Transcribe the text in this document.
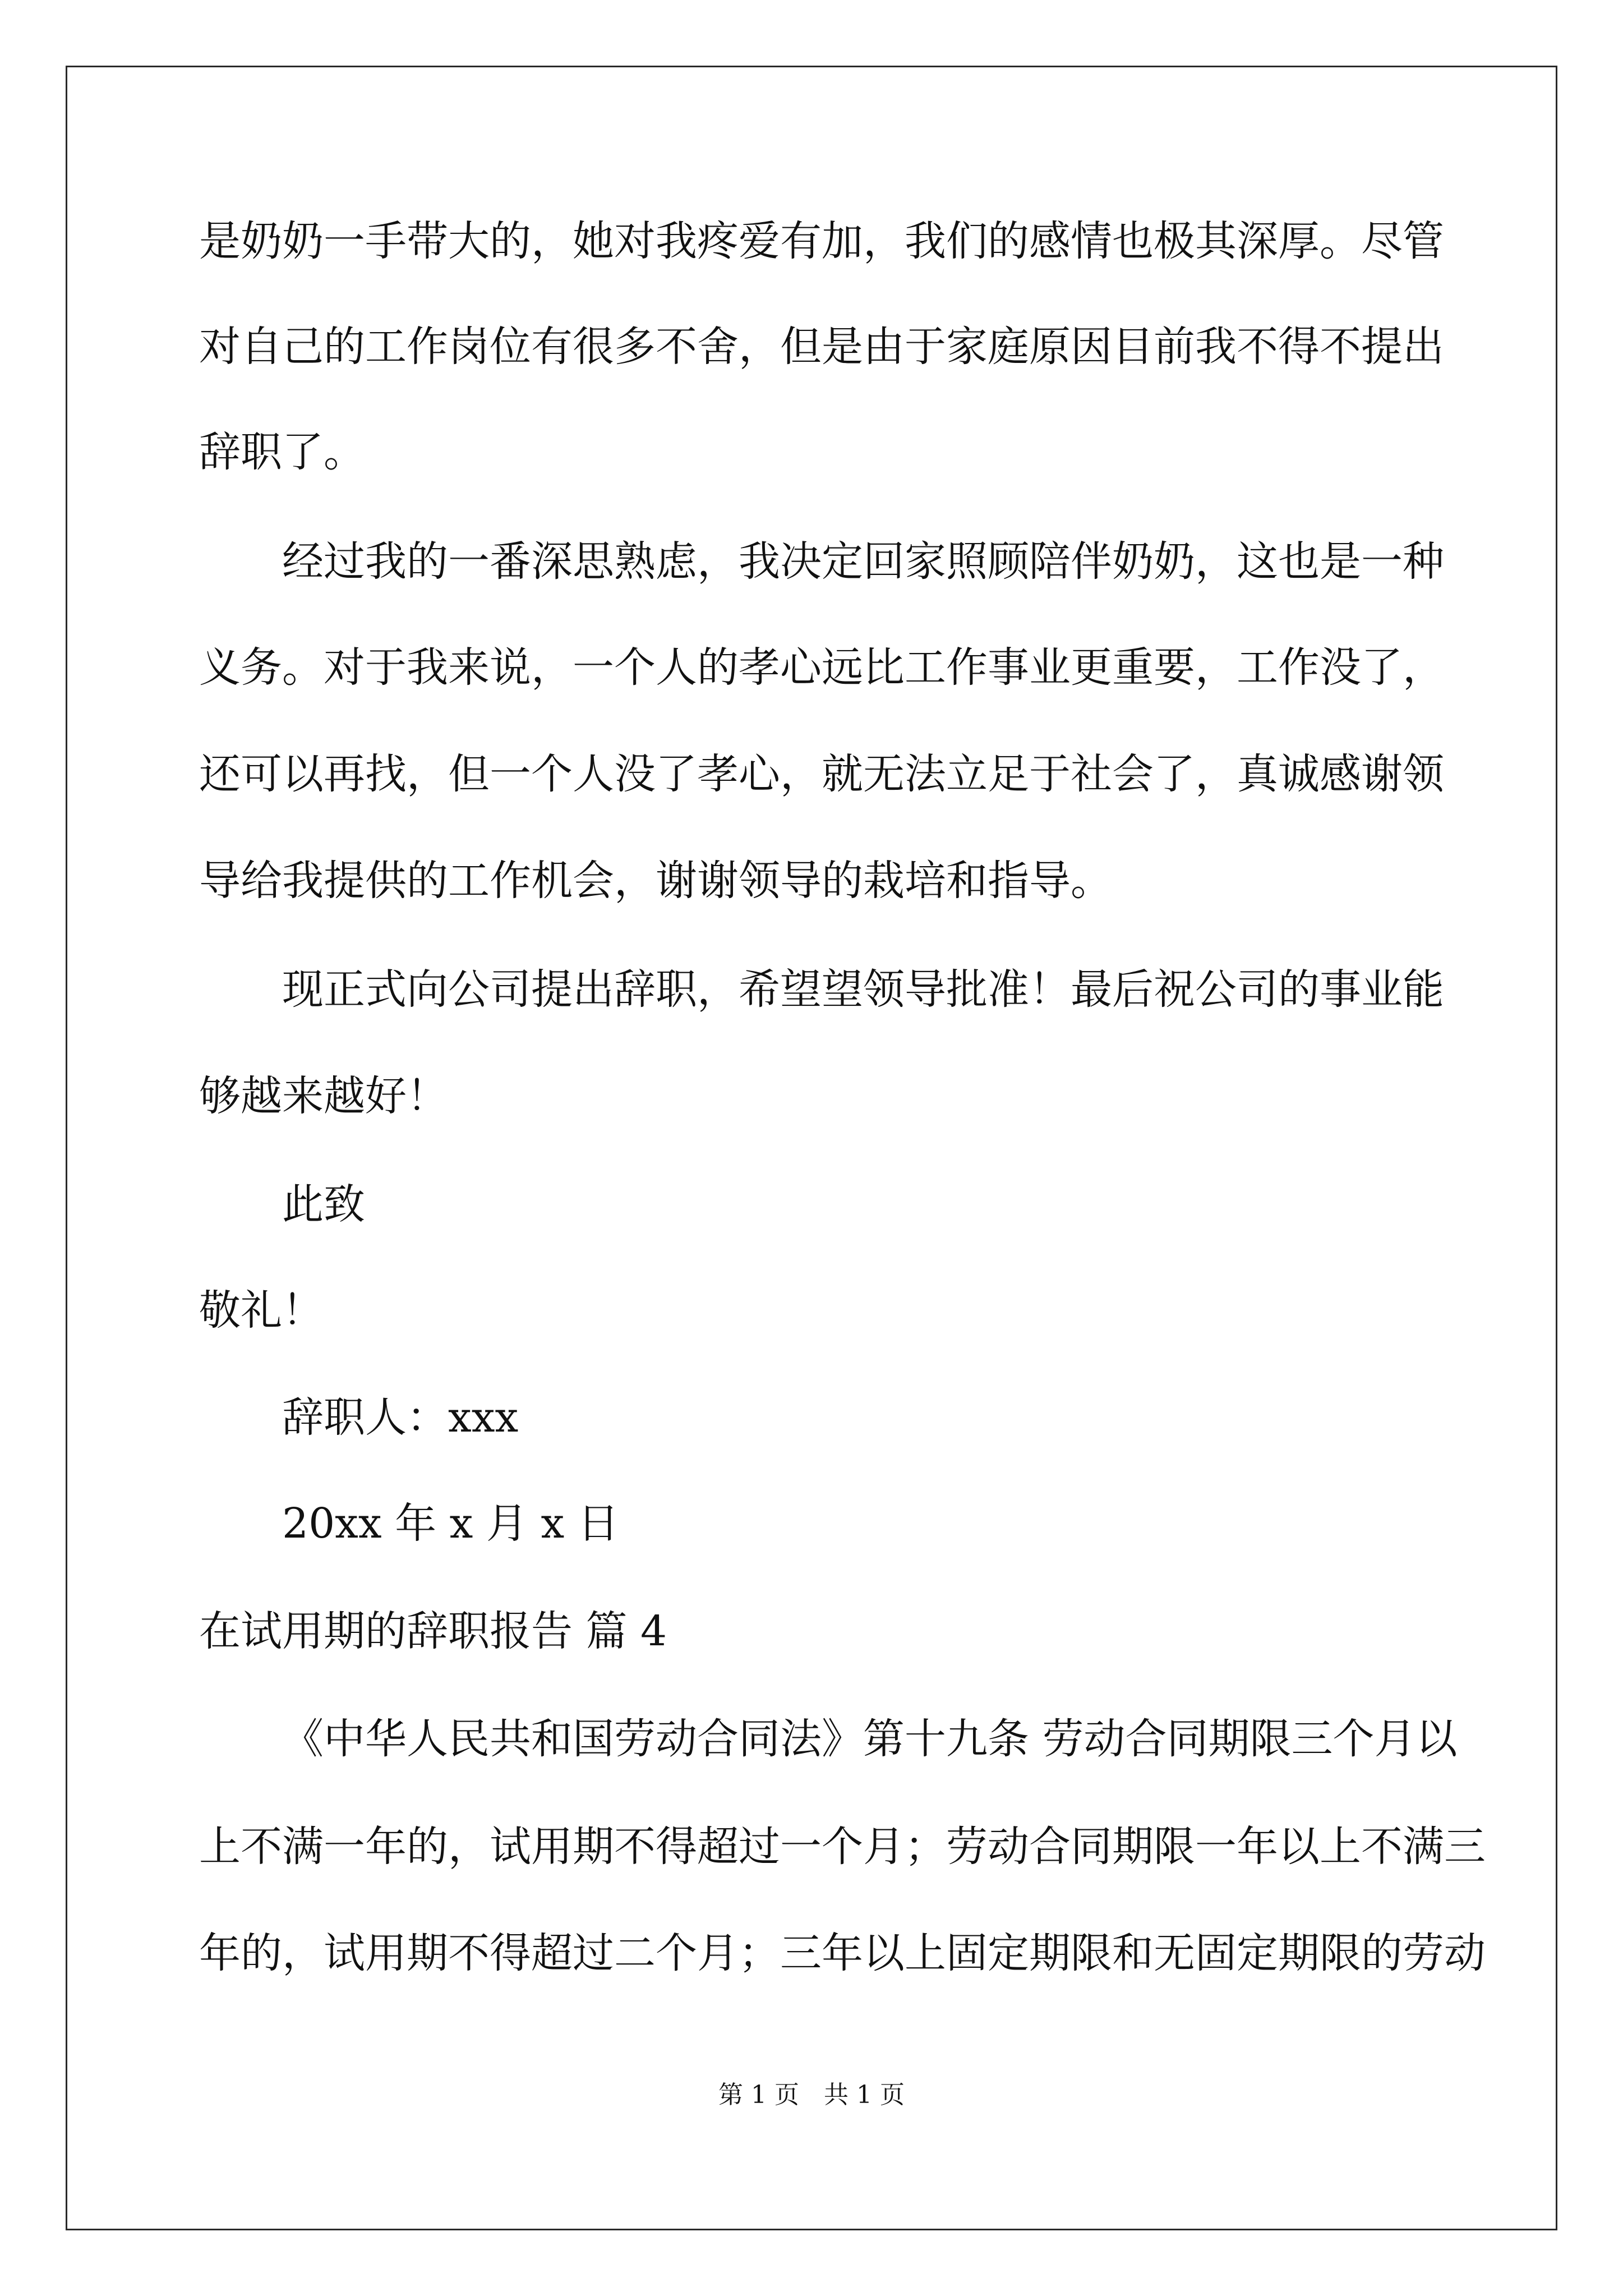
是奶奶一手带大的，她对我疼爱有加，我们的感情也极其深厚。尽管
对自己的工作岗位有很多不舍，但是由于家庭原因目前我不得不提出
辞职了。
经过我的一番深思熟虑，我决定回家照顾陪伴奶奶，这也是一种
义务。对于我来说，一个人的孝心远比工作事业更重要，工作没了，
还可以再找，但一个人没了孝心，就无法立足于社会了，真诚感谢领
导给我提供的工作机会，谢谢领导的栽培和指导。
现正式向公司提出辞职，希望望领导批准！最后祝公司的事业能
够越来越好！
此致
敬礼！
辞职人：xxx
20xx 年 x 月 x 日
在试用期的辞职报告 篇 4
《中华人民共和国劳动合同法》第十九条 劳动合同期限三个月以
上不满一年的，试用期不得超过一个月；劳动合同期限一年以上不满三
年的，试用期不得超过二个月；三年以上固定期限和无固定期限的劳动
第 1 页 共 1 页
